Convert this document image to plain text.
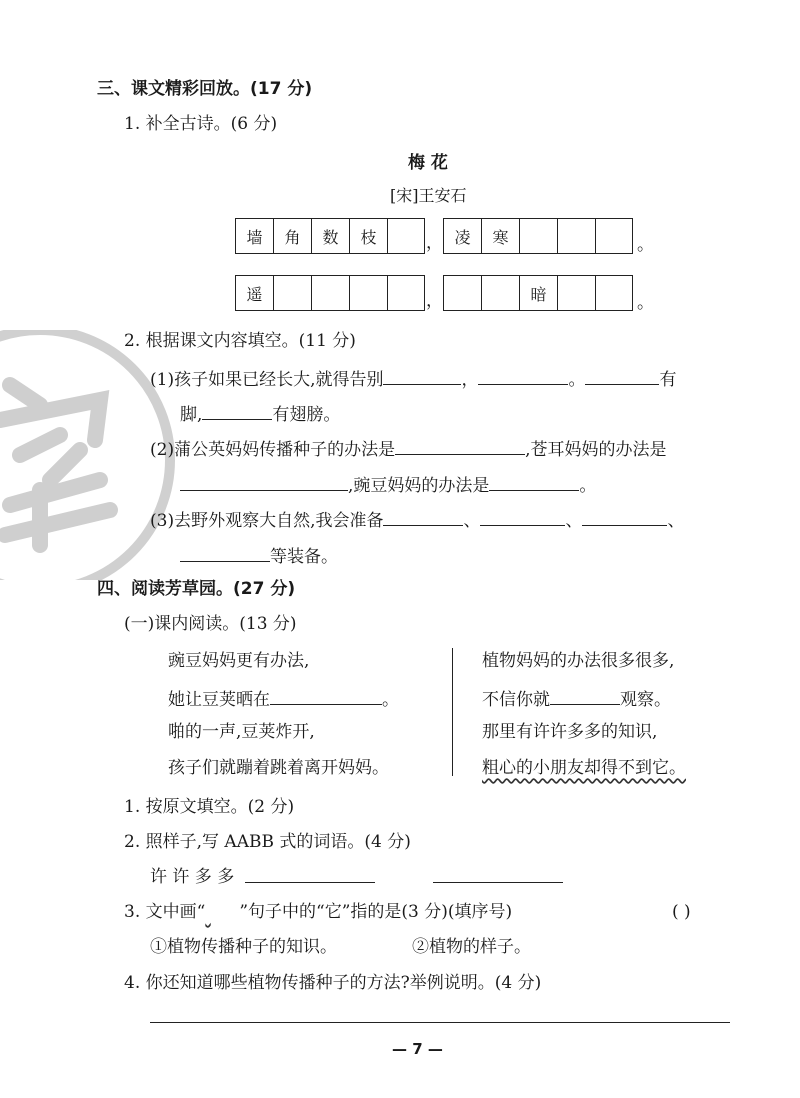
三、课文精彩回放。(17 分)
1. 补全古诗。(6 分)
梅 花
[宋]王安石
墙	角	数	枝	， 凌	寒	。
遥	，	暗	。
2. 根据课文内容填空。(11 分)
(1)孩子如果已经长大,就得告别	，	。	有
脚,	有翅膀。
(2)蒲公英妈妈传播种子的办法是	,苍耳妈妈的办法是
,豌豆妈妈的办法是	。
(3)去野外观察大自然,我会准备	、	、	、
等装备。
四、阅读芳草园。(27 分)
(一)课内阅读。(13 分)
豌豆妈妈更有办法,
她让豆荚晒在	。
啪的一声,豆荚炸开,
孩子们就蹦着跳着离开妈妈。
植物妈妈的办法很多很多,
不信你就	观察。
那里有许许多多的知识,
粗心的小朋友却得不到它。
1. 按原文填空。(2 分)
2. 照样子,写 AABB 式的词语。(4 分)
许 许 多 多
3. 文中画“ ”句子中的“它”指的是(3 分)(填序号)	( )
①植物传播种子的知识。	②植物的样子。
4. 你还知道哪些植物传播种子的方法?举例说明。(4 分)
— 7 —
